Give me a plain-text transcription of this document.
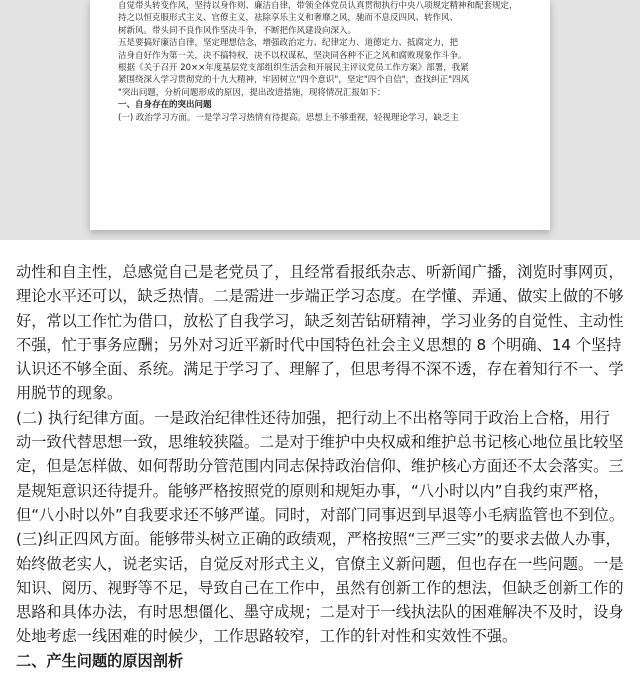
自觉带头转变作风，坚持以身作则、廉洁自律，带领全体党员认真贯彻执行中央八项规定精神和配套规定，
持之以恒克服形式主义、官僚主义，祛除享乐主义和奢靡之风，驰而不息反四风、转作风、
树新风。带头同不良作风作坚决斗争，不断把作风建设向深入。
五是要搞好廉洁自律，坚定理想信念，增强政治定力、纪律定力、道德定力、抵腐定力，把
洁身自好作为第一关，决不搞特权，决不以权谋私，坚决同各种不正之风和腐败现象作斗争。
根据《关于召开 20××年度基层党支部组织生活会和开展民主评议党员工作方案》部署，我紧
紧围绕深入学习贯彻党的十九大精神，牢固树立"四个意识"，坚定"四个自信"，查找纠正"四风
"突出问题，分析问题形成的原因，提出改进措施，现将情况汇报如下：
一、自身存在的突出问题
(一) 政治学习方面。一是学习学习热情有待提高。思想上不够重视，轻视理论学习，缺乏主
动性和自主性，总感觉自己是老党员了，且经常看报纸杂志、听新闻广播，浏览时事网页，
理论水平还可以，缺乏热情。二是需进一步端正学习态度。在学懂、弄通、做实上做的不够
好，常以工作忙为借口，放松了自我学习，缺乏刻苦钻研精神，学习业务的自觉性、主动性
不强，忙于事务应酬；另外对习近平新时代中国特色社会主义思想的 8 个明确、14 个坚持
认识还不够全面、系统。满足于学习了、理解了，但思考得不深不透，存在着知行不一、学
用脱节的现象。
(二) 执行纪律方面。一是政治纪律性还待加强，把行动上不出格等同于政治上合格，用行
动一致代替思想一致，思维较狭隘。二是对于维护中央权威和维护总书记核心地位虽比较坚
定，但是怎样做、如何帮助分管范围内同志保持政治信仰、维护核心方面还不太会落实。三
是规矩意识还待提升。能够严格按照党的原则和规矩办事，“八小时以内”自我约束严格，
但“八小时以外”自我要求还不够严谨。同时，对部门同事迟到早退等小毛病监管也不到位。
(三)纠正四风方面。能够带头树立正确的政绩观，严格按照“三严三实”的要求去做人办事，
始终做老实人，说老实话，自觉反对形式主义，官僚主义新问题，但也存在一些问题。一是
知识、阅历、视野等不足，导致自己在工作中，虽然有创新工作的想法，但缺乏创新工作的
思路和具体办法，有时思想僵化、墨守成规；二是对于一线执法队的困难解决不及时，设身
处地考虑一线困难的时候少，工作思路较窄，工作的针对性和实效性不强。
二、产生问题的原因剖析
